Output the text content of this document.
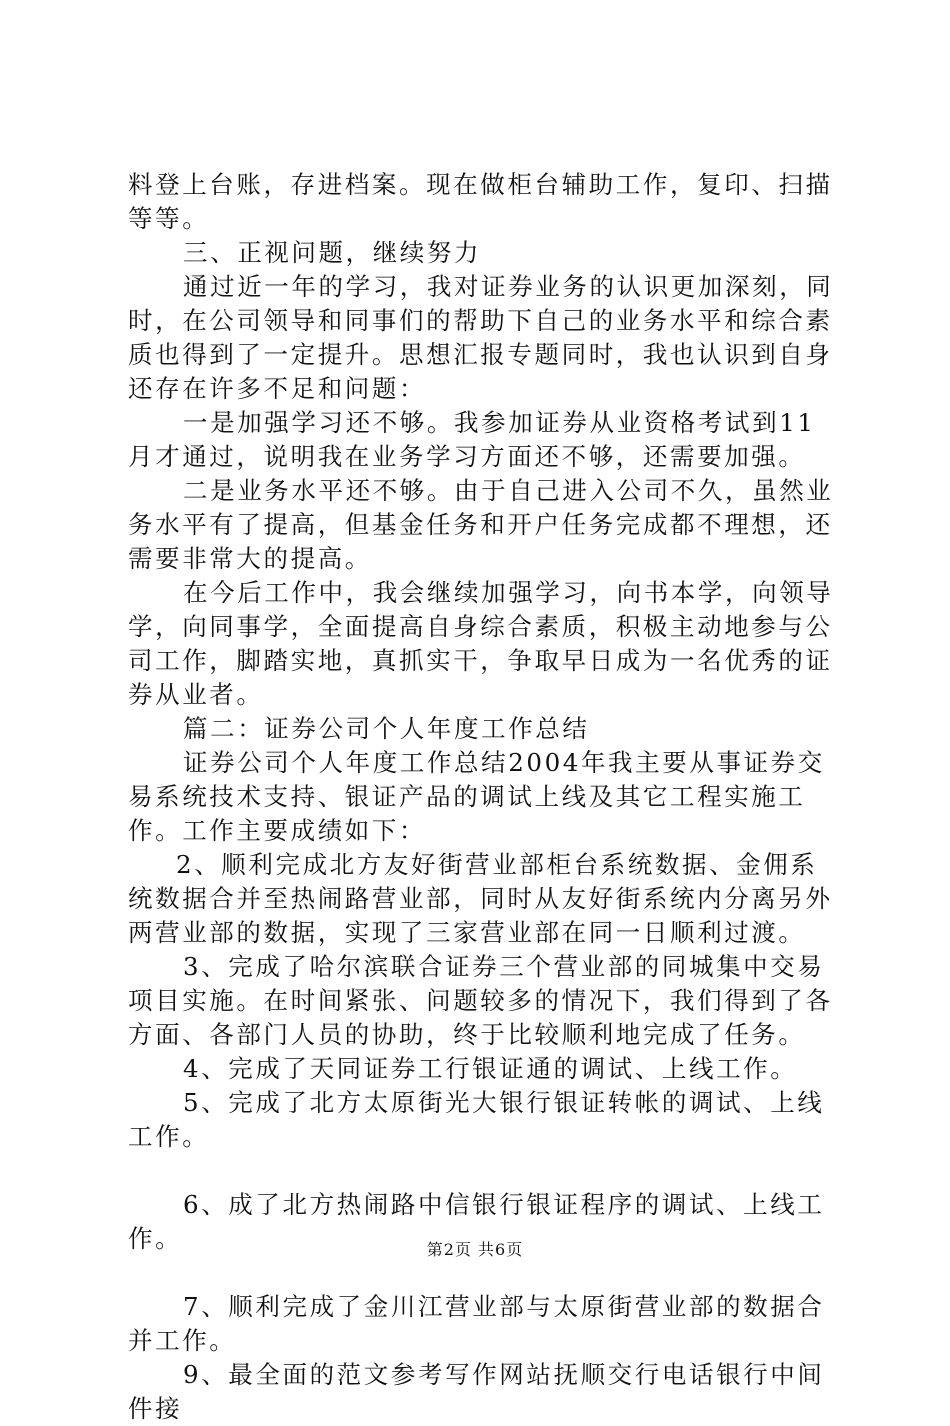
料登上台账，存进档案。现在做柜台辅助工作，复印、扫描等等。

三、正视问题，继续努力

通过近一年的学习，我对证券业务的认识更加深刻，同时，在公司领导和同事们的帮助下自己的业务水平和综合素质也得到了一定提升。思想汇报专题同时，我也认识到自身还存在许多不足和问题：

一是加强学习还不够。我参加证券从业资格考试到11月才通过，说明我在业务学习方面还不够，还需要加强。

二是业务水平还不够。由于自己进入公司不久，虽然业务水平有了提高，但基金任务和开户任务完成都不理想，还需要非常大的提高。

在今后工作中，我会继续加强学习，向书本学，向领导学，向同事学，全面提高自身综合素质，积极主动地参与公司工作，脚踏实地，真抓实干，争取早日成为一名优秀的证券从业者。

篇二：证券公司个人年度工作总结

证券公司个人年度工作总结2004年我主要从事证券交易系统技术支持、银证产品的调试上线及其它工程实施工作。工作主要成绩如下：

2、顺利完成北方友好街营业部柜台系统数据、金佣系统数据合并至热闹路营业部，同时从友好街系统内分离另外两营业部的数据，实现了三家营业部在同一日顺利过渡。

3、完成了哈尔滨联合证券三个营业部的同城集中交易项目实施。在时间紧张、问题较多的情况下，我们得到了各方面、各部门人员的协助，终于比较顺利地完成了任务。

4、完成了天同证券工行银证通的调试、上线工作。

5、完成了北方太原街光大银行银证转帐的调试、上线工作。

6、成了北方热闹路中信银行银证程序的调试、上线工作。

7、顺利完成了金川江营业部与太原街营业部的数据合并工作。

9、最全面的范文参考写作网站抚顺交行电话银行中间件接

第2页 共6页
